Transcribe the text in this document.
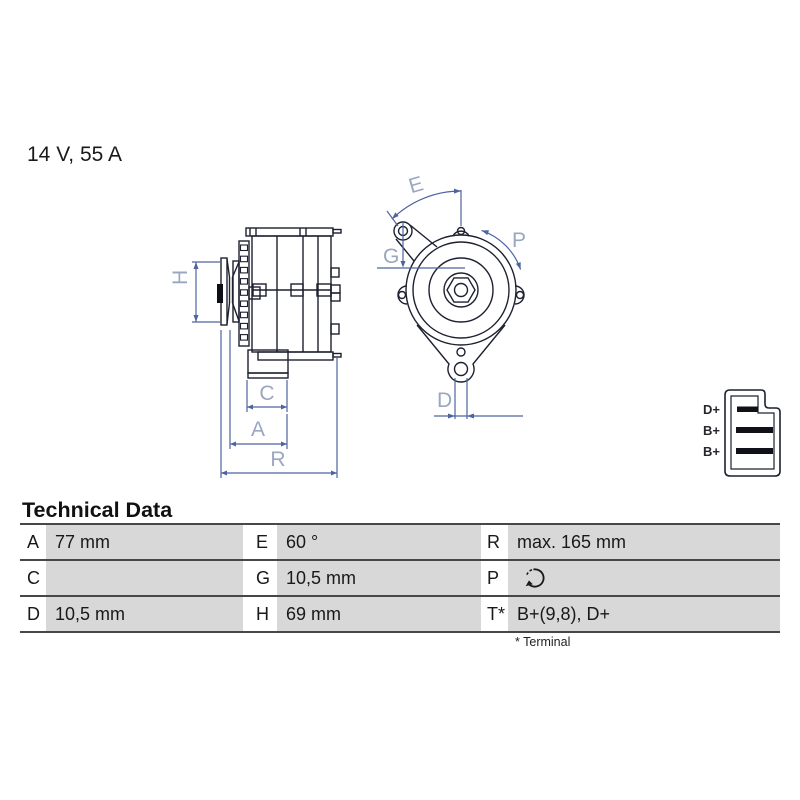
14 V, 55 A
H
C
A
R
E
G
P
D	D+
B+
B+
Technical Data
A 77 mm	E 60 °	R max. 165 mm
C	G 10,5 mm	P
D 10,5 mm	H 69 mm	T* B+(9,8), D+
* Terminal
